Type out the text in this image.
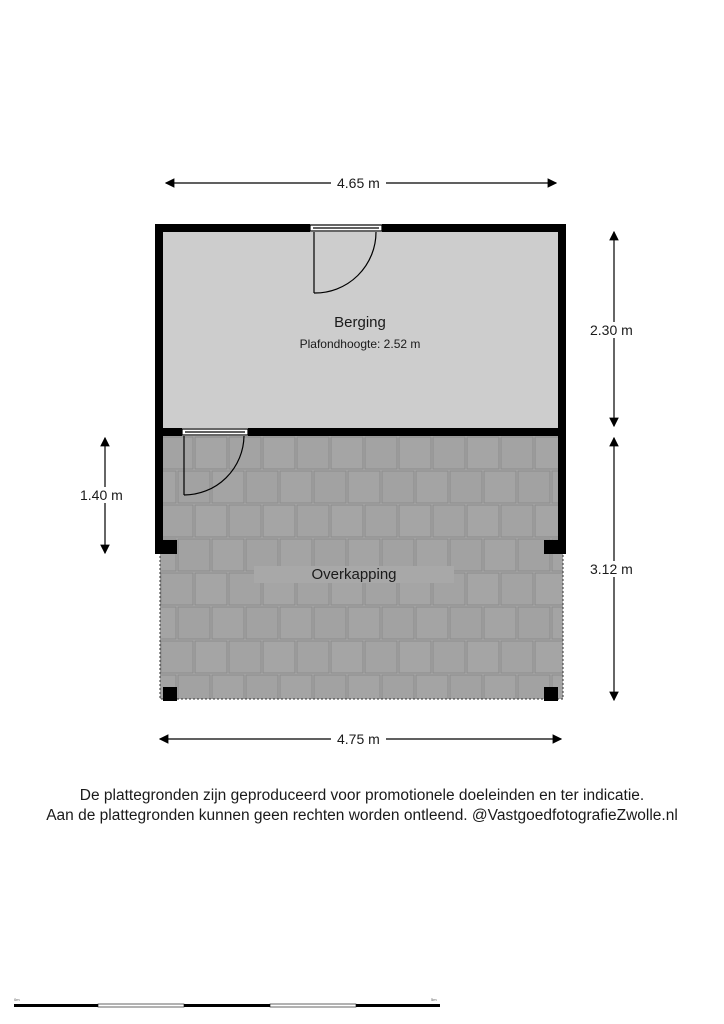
4.65 m
4.75 m
2.30 m
3.12 m
1.40 m
Berging
Plafondhoogte: 2.52 m
Overkapping
De plattegronden zijn geproduceerd voor promotionele doeleinden en ter indicatie.
Aan de plattegronden kunnen geen rechten worden ontleend. @VastgoedfotografieZwolle.nl
0m	5m
